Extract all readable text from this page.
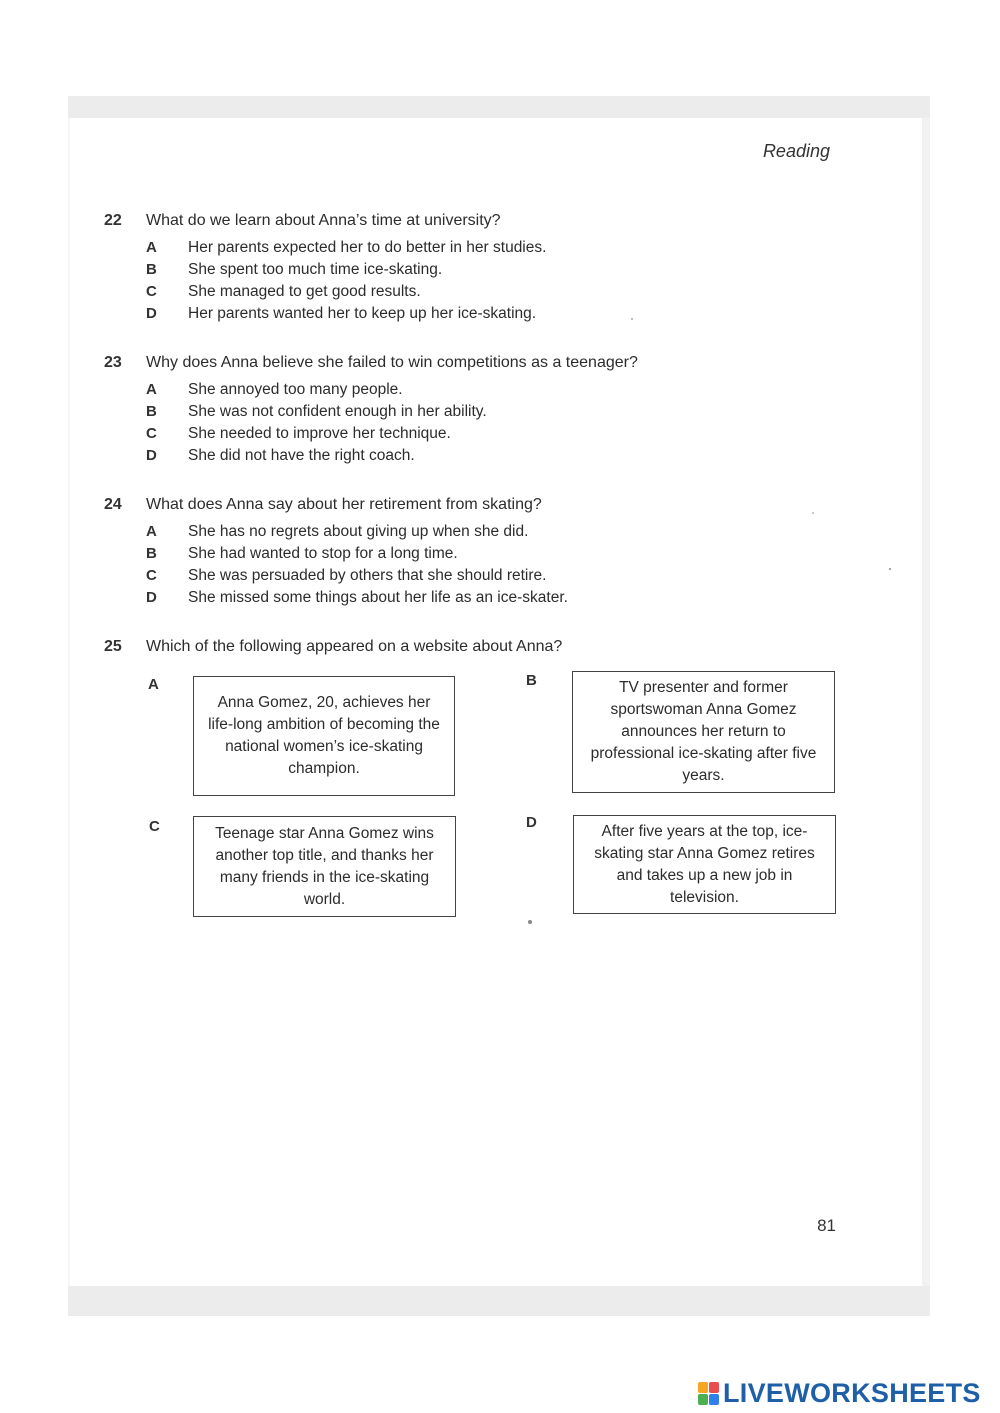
Reading
22	What do we learn about Anna’s time at university?
A	Her parents expected her to do better in her studies.
B	She spent too much time ice-skating.
C	She managed to get good results.
D	Her parents wanted her to keep up her ice-skating.
23	Why does Anna believe she failed to win competitions as a teenager?
A	She annoyed too many people.
B	She was not confident enough in her ability.
C	She needed to improve her technique.
D	She did not have the right coach.
24	What does Anna say about her retirement from skating?
A	She has no regrets about giving up when she did.
B	She had wanted to stop for a long time.
C	She was persuaded by others that she should retire.
D	She missed some things about her life as an ice-skater.
25	Which of the following appeared on a website about Anna?
A
Anna Gomez, 20, achieves her life-long ambition of becoming the national women’s ice-skating champion.
B	TV presenter and former sportswoman Anna Gomez announces her return to professional ice-skating after five years.
C	Teenage star Anna Gomez wins another top title, and thanks her many friends in the ice-skating world.
D	After five years at the top, ice-skating star Anna Gomez retires and takes up a new job in television.
81
LIVEWORKSHEETS
